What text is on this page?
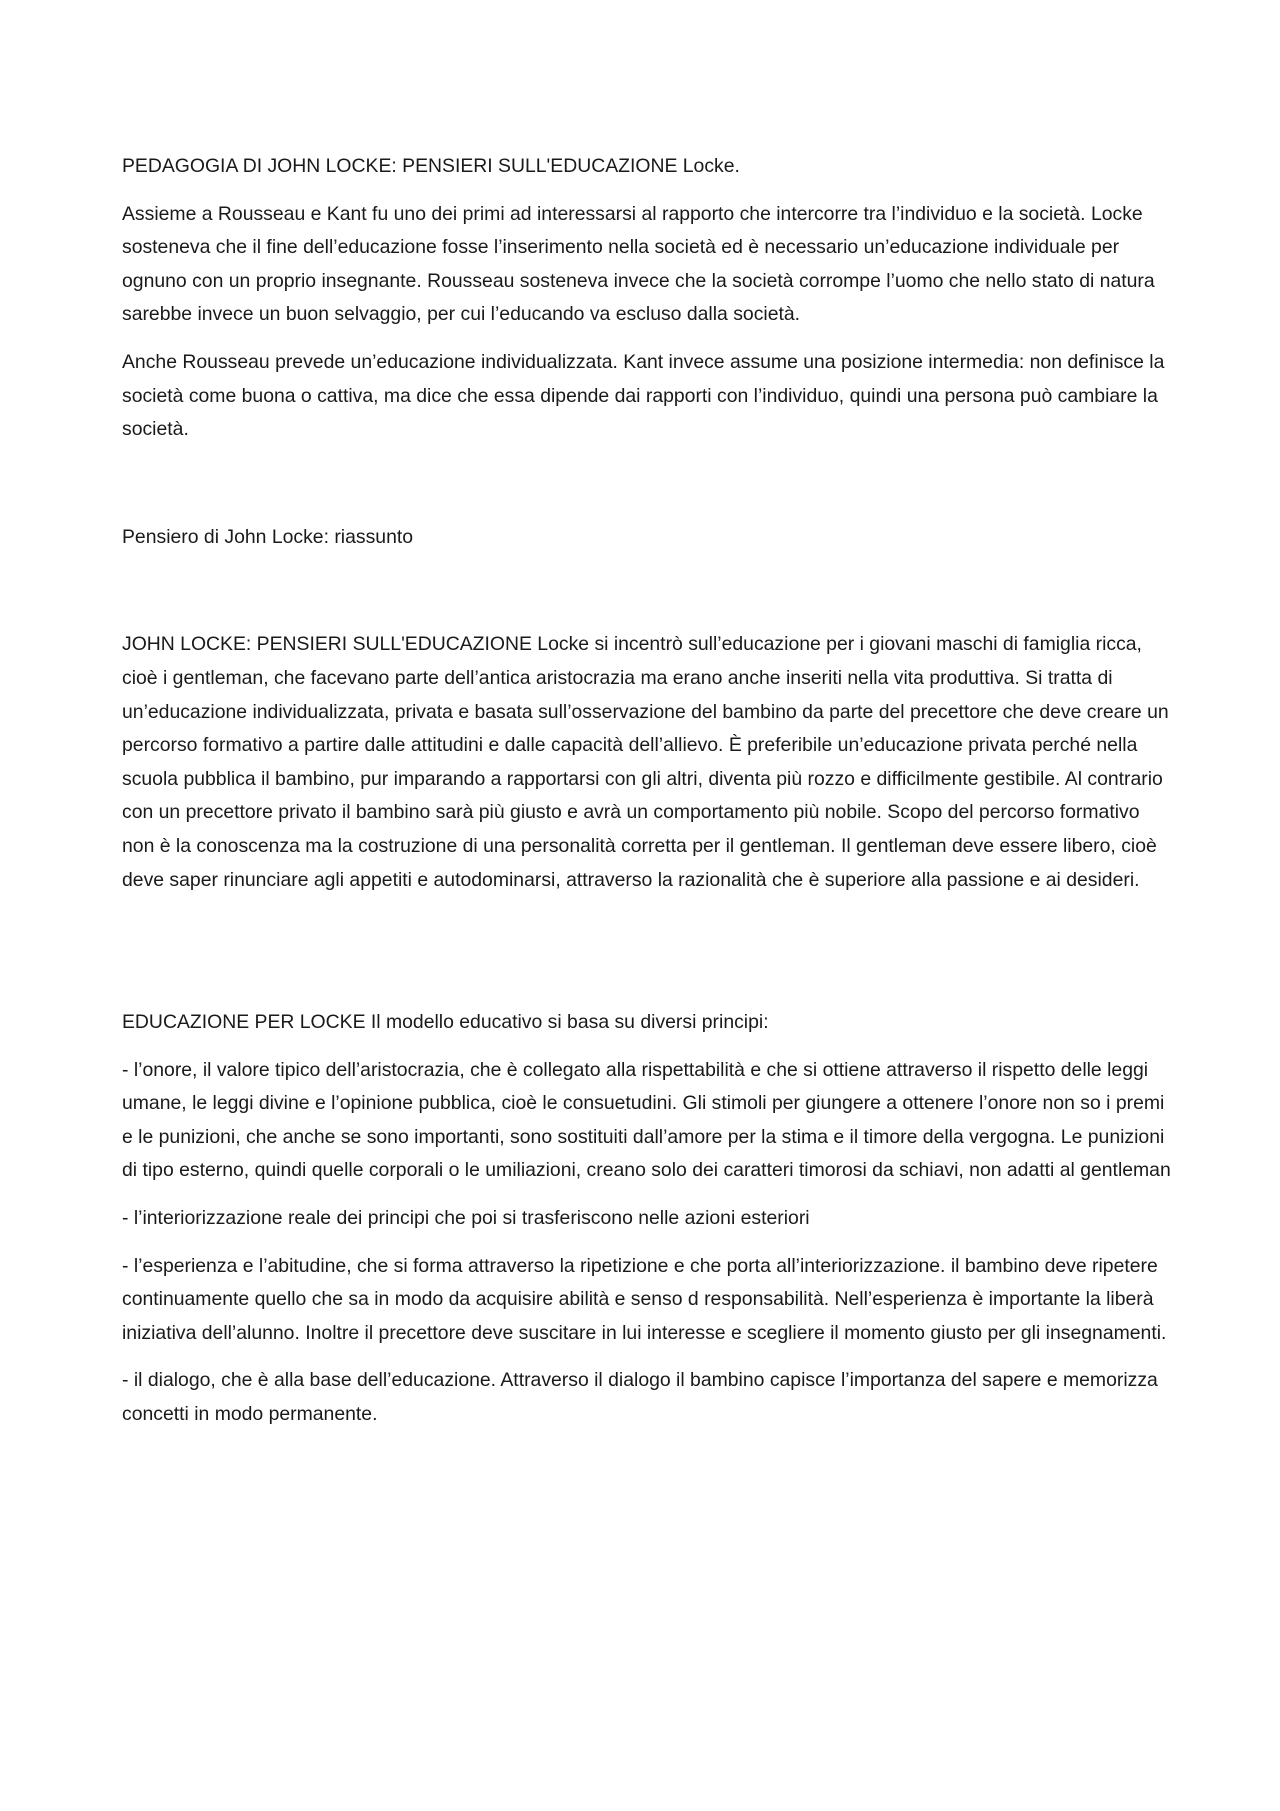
PEDAGOGIA DI JOHN LOCKE: PENSIERI SULL'EDUCAZIONE Locke.

Assieme a Rousseau e Kant fu uno dei primi ad interessarsi al rapporto che intercorre tra l’individuo e la società. Locke sosteneva che il fine dell’educazione fosse l’inserimento nella società ed è necessario un’educazione individuale per ognuno con un proprio insegnante. Rousseau sosteneva invece che la società corrompe l’uomo che nello stato di natura sarebbe invece un buon selvaggio, per cui l’educando va escluso dalla società.

Anche Rousseau prevede un’educazione individualizzata. Kant invece assume una posizione intermedia: non definisce la società come buona o cattiva, ma dice che essa dipende dai rapporti con l’individuo, quindi una persona può cambiare la società.

Pensiero di John Locke: riassunto

JOHN LOCKE: PENSIERI SULL'EDUCAZIONE Locke si incentrò sull’educazione per i giovani maschi di famiglia ricca, cioè i gentleman, che facevano parte dell’antica aristocrazia ma erano anche inseriti nella vita produttiva. Si tratta di un’educazione individualizzata, privata e basata sull’osservazione del bambino da parte del precettore che deve creare un percorso formativo a partire dalle attitudini e dalle capacità dell’allievo. È preferibile un’educazione privata perché nella scuola pubblica il bambino, pur imparando a rapportarsi con gli altri, diventa più rozzo e difficilmente gestibile. Al contrario con un precettore privato il bambino sarà più giusto e avrà un comportamento più nobile. Scopo del percorso formativo non è la conoscenza ma la costruzione di una personalità corretta per il gentleman. Il gentleman deve essere libero, cioè deve saper rinunciare agli appetiti e autodominarsi, attraverso la razionalità che è superiore alla passione e ai desideri.

EDUCAZIONE PER LOCKE Il modello educativo si basa su diversi principi:

- l’onore, il valore tipico dell’aristocrazia, che è collegato alla rispettabilità e che si ottiene attraverso il rispetto delle leggi umane, le leggi divine e l’opinione pubblica, cioè le consuetudini. Gli stimoli per giungere a ottenere l’onore non so i premi e le punizioni, che anche se sono importanti, sono sostituiti dall’amore per la stima e il timore della vergogna. Le punizioni di tipo esterno, quindi quelle corporali o le umiliazioni, creano solo dei caratteri timorosi da schiavi, non adatti al gentleman

- l’interiorizzazione reale dei principi che poi si trasferiscono nelle azioni esteriori

- l’esperienza e l’abitudine, che si forma attraverso la ripetizione e che porta all’interiorizzazione. il bambino deve ripetere continuamente quello che sa in modo da acquisire abilità e senso d responsabilità. Nell’esperienza è importante la liberà iniziativa dell’alunno. Inoltre il precettore deve suscitare in lui interesse e scegliere il momento giusto per gli insegnamenti.

- il dialogo, che è alla base dell’educazione. Attraverso il dialogo il bambino capisce l’importanza del sapere e memorizza concetti in modo permanente.
